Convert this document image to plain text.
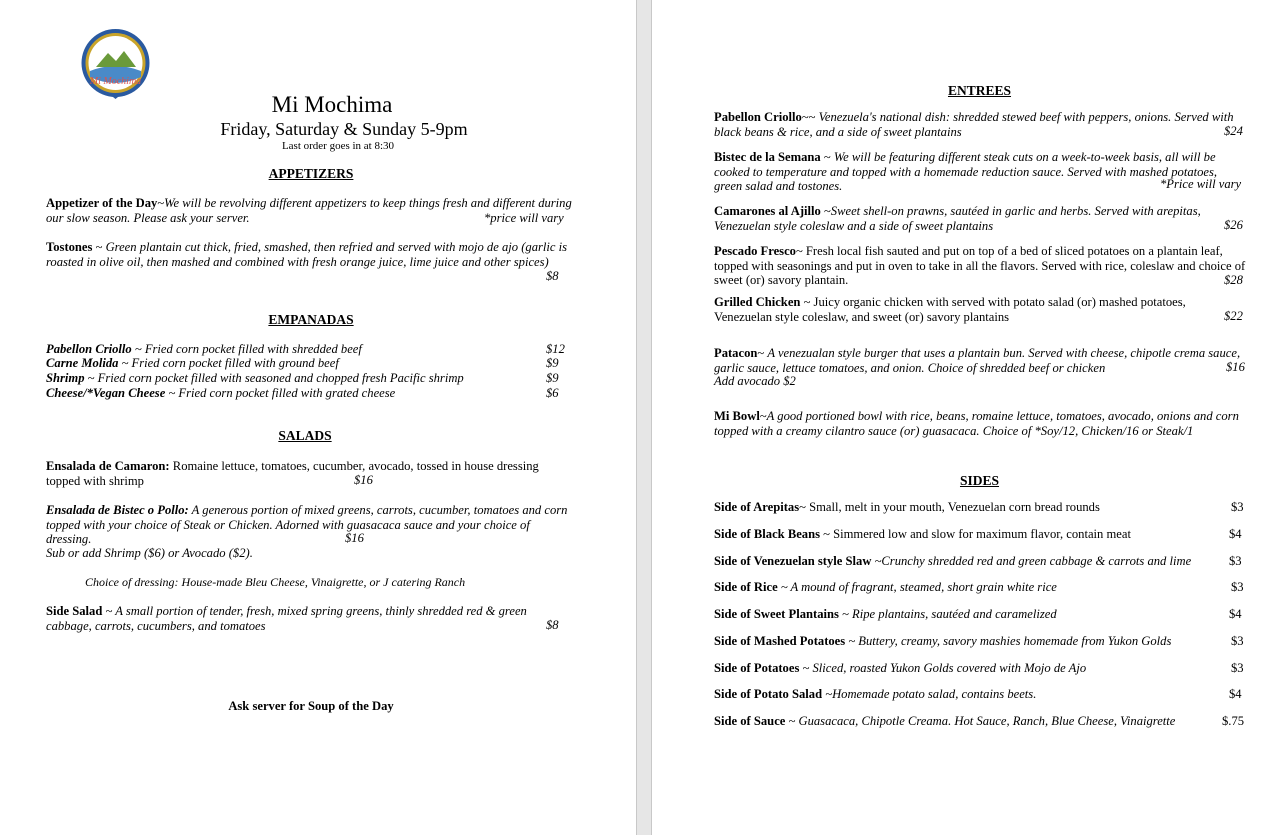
Mi Mochima
Mi Mochima
Friday, Saturday & Sunday 5-9pm
Last order goes in at 8:30
APPETIZERS
Appetizer of the Day~We will be revolving different appetizers to keep things fresh and different during our slow season. Please ask your server.	*price will vary
Tostones ~ Green plantain cut thick, fried, smashed, then refried and served with mojo de ajo (garlic is roasted in olive oil, then mashed and combined with fresh orange juice, lime juice and other spices)
$8
EMPANADAS
Pabellon Criollo ~ Fried corn pocket filled with shredded beef	$12
Carne Molida ~ Fried corn pocket filled with ground beef	$9
Shrimp ~ Fried corn pocket filled with seasoned and chopped fresh Pacific shrimp	$9
Cheese/*Vegan Cheese ~ Fried corn pocket filled with grated cheese	$6
SALADS
Ensalada de Camaron: Romaine lettuce, tomatoes, cucumber, avocado, tossed in house dressing topped with shrimp	$16
Ensalada de Bistec o Pollo: A generous portion of mixed greens, carrots, cucumber, tomatoes and corn topped with your choice of Steak or Chicken. Adorned with guasacaca sauce and your choice of dressing.	$16
Sub or add Shrimp ($6) or Avocado ($2).
Choice of dressing: House-made Bleu Cheese, Vinaigrette, or J catering Ranch
Side Salad ~ A small portion of tender, fresh, mixed spring greens, thinly shredded red & green cabbage, carrots, cucumbers, and tomatoes	$8
Ask server for Soup of the Day
ENTREES
Pabellon Criollo~~ Venezuela's national dish: shredded stewed beef with peppers, onions. Served with black beans & rice, and a side of sweet plantains	$24
Bistec de la Semana ~ We will be featuring different steak cuts on a week-to-week basis, all will be cooked to temperature and topped with a homemade reduction sauce. Served with mashed potatoes, green salad and tostones.	*Price will vary
Camarones al Ajillo ~Sweet shell-on prawns, sautéed in garlic and herbs. Served with arepitas, Venezuelan style coleslaw and a side of sweet plantains	$26
Pescado Fresco~ Fresh local fish sauted and put on top of a bed of sliced potatoes on a plantain leaf, topped with seasonings and put in oven to take in all the flavors. Served with rice, coleslaw and choice of sweet (or) savory plantain.	$28
Grilled Chicken ~ Juicy organic chicken with served with potato salad (or) mashed potatoes, Venezuelan style coleslaw, and sweet (or) savory plantains	$22
Patacon~ A venezualan style burger that uses a plantain bun. Served with cheese, chipotle crema sauce, garlic sauce, lettuce tomatoes, and onion. Choice of shredded beef or chicken	$16
Add avocado $2
Mi Bowl~A good portioned bowl with rice, beans, romaine lettuce, tomatoes, avocado, onions and corn topped with a creamy cilantro sauce (or) guasacaca. Choice of *Soy/12, Chicken/16 or Steak/1
SIDES
Side of Arepitas~ Small, melt in your mouth, Venezuelan corn bread rounds	$3
Side of Black Beans ~ Simmered low and slow for maximum flavor, contain meat	$4
Side of Venezuelan style Slaw ~Crunchy shredded red and green cabbage & carrots and lime	$3
Side of Rice ~ A mound of fragrant, steamed, short grain white rice	$3
Side of Sweet Plantains ~ Ripe plantains, sautéed and caramelized	$4
Side of Mashed Potatoes ~ Buttery, creamy, savory mashies homemade from Yukon Golds	$3
Side of Potatoes ~ Sliced, roasted Yukon Golds covered with Mojo de Ajo	$3
Side of Potato Salad ~Homemade potato salad, contains beets.	$4
Side of Sauce ~ Guasacaca, Chipotle Creama. Hot Sauce, Ranch, Blue Cheese, Vinaigrette	$.75
